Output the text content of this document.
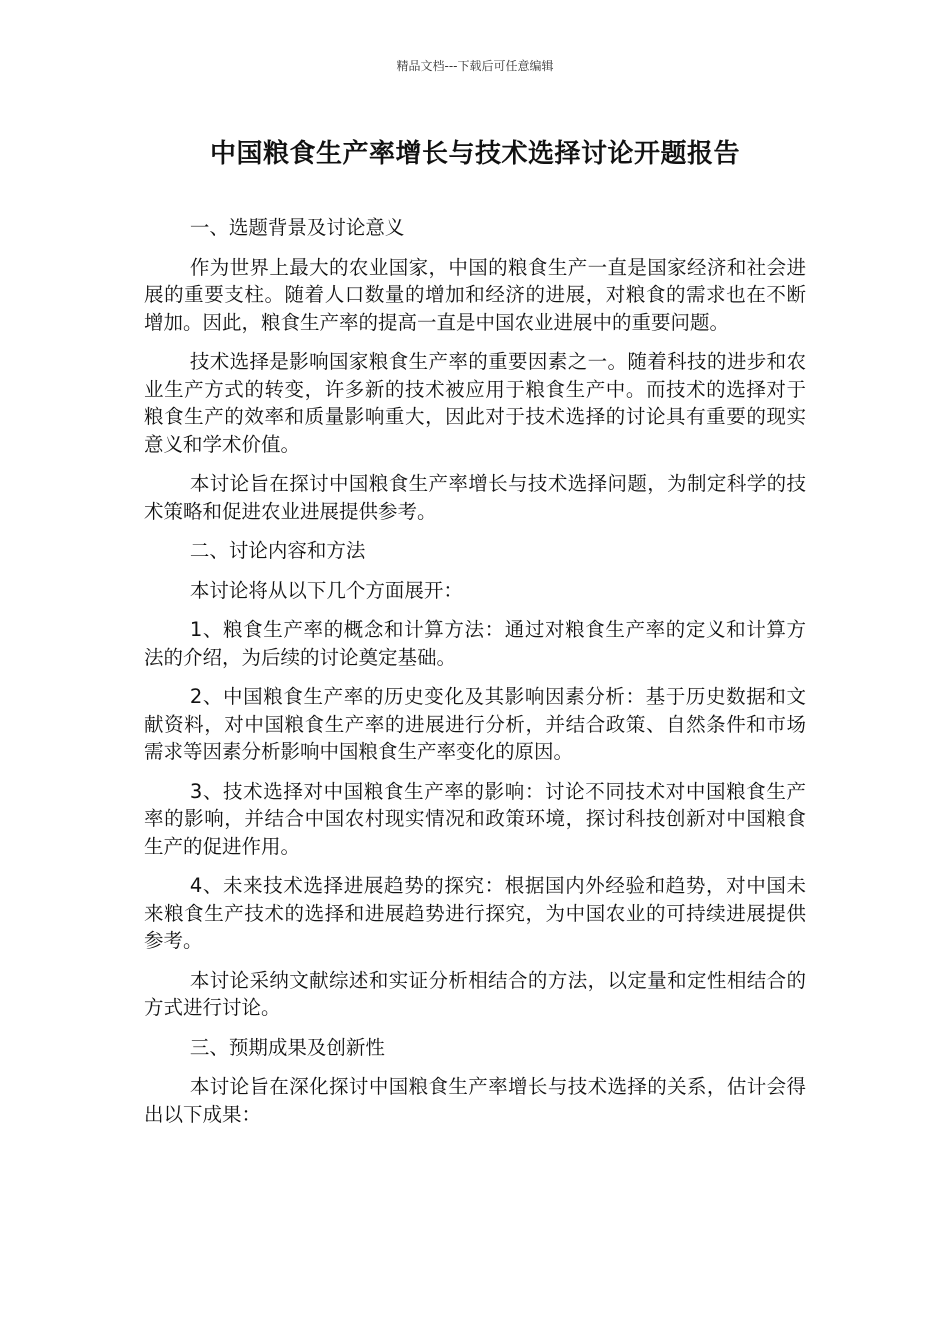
精品文档---下载后可任意编辑
中国粮食生产率增长与技术选择讨论开题报告

一、选题背景及讨论意义

作为世界上最大的农业国家，中国的粮食生产一直是国家经济和社会进展的重要支柱。随着人口数量的增加和经济的进展，对粮食的需求也在不断增加。因此，粮食生产率的提高一直是中国农业进展中的重要问题。

技术选择是影响国家粮食生产率的重要因素之一。随着科技的进步和农业生产方式的转变，许多新的技术被应用于粮食生产中。而技术的选择对于粮食生产的效率和质量影响重大，因此对于技术选择的讨论具有重要的现实意义和学术价值。

本讨论旨在探讨中国粮食生产率增长与技术选择问题，为制定科学的技术策略和促进农业进展提供参考。

二、讨论内容和方法

本讨论将从以下几个方面展开：

1、粮食生产率的概念和计算方法：通过对粮食生产率的定义和计算方法的介绍，为后续的讨论奠定基础。

2、中国粮食生产率的历史变化及其影响因素分析：基于历史数据和文献资料，对中国粮食生产率的进展进行分析，并结合政策、自然条件和市场需求等因素分析影响中国粮食生产率变化的原因。

3、技术选择对中国粮食生产率的影响：讨论不同技术对中国粮食生产率的影响，并结合中国农村现实情况和政策环境，探讨科技创新对中国粮食生产的促进作用。

4、未来技术选择进展趋势的探究：根据国内外经验和趋势，对中国未来粮食生产技术的选择和进展趋势进行探究，为中国农业的可持续进展提供参考。

本讨论采纳文献综述和实证分析相结合的方法，以定量和定性相结合的方式进行讨论。

三、预期成果及创新性

本讨论旨在深化探讨中国粮食生产率增长与技术选择的关系，估计会得出以下成果：
